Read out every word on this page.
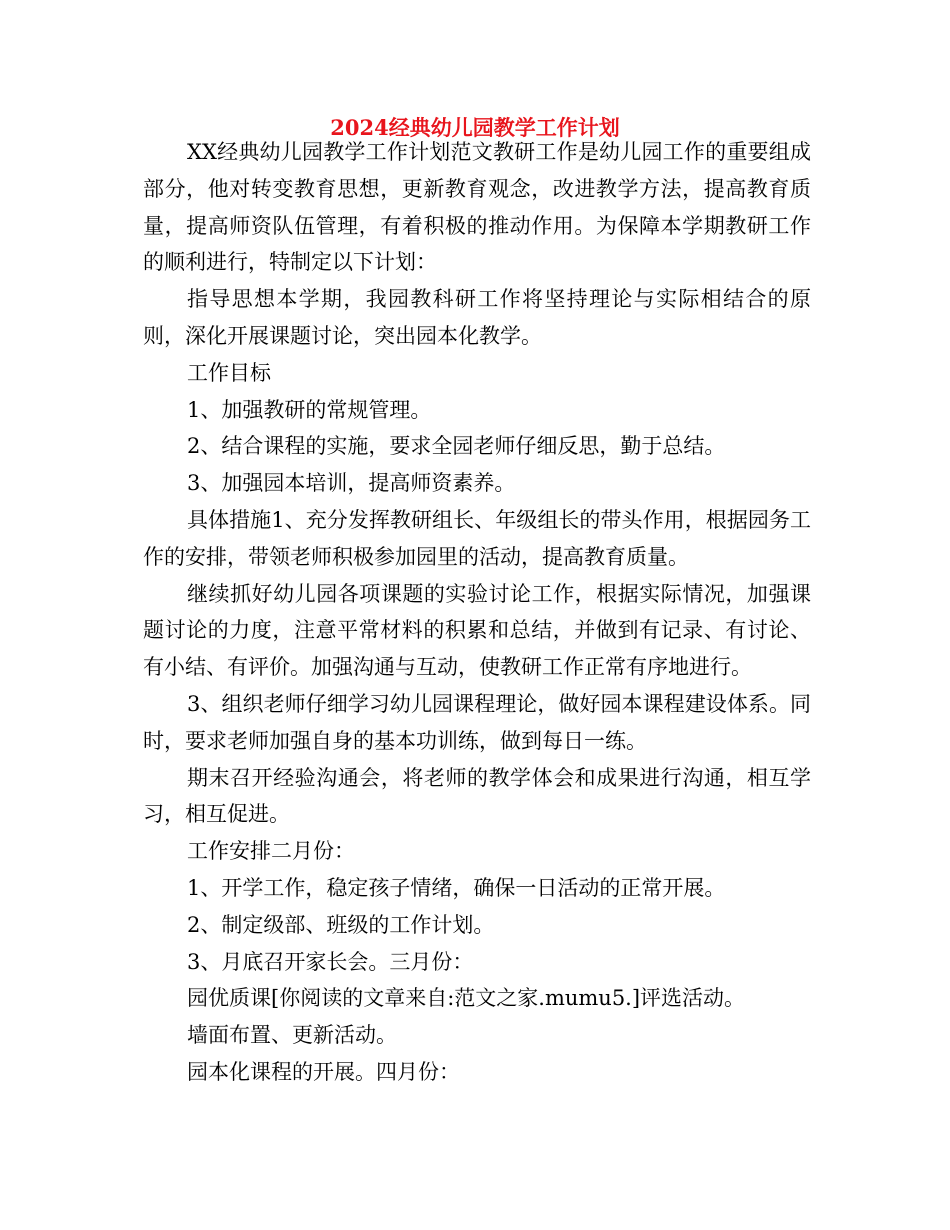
2024经典幼儿园教学工作计划

XX经典幼儿园教学工作计划范文教研工作是幼儿园工作的重要组成部分，他对转变教育思想，更新教育观念，改进教学方法，提高教育质量，提高师资队伍管理，有着积极的推动作用。为保障本学期教研工作的顺利进行，特制定以下计划：

指导思想本学期，我园教科研工作将坚持理论与实际相结合的原则，深化开展课题讨论，突出园本化教学。

工作目标

1、加强教研的常规管理。

2、结合课程的实施，要求全园老师仔细反思，勤于总结。

3、加强园本培训，提高师资素养。

具体措施1、充分发挥教研组长、年级组长的带头作用，根据园务工作的安排，带领老师积极参加园里的活动，提高教育质量。

继续抓好幼儿园各项课题的实验讨论工作，根据实际情况，加强课题讨论的力度，注意平常材料的积累和总结，并做到有记录、有讨论、有小结、有评价。加强沟通与互动，使教研工作正常有序地进行。

3、组织老师仔细学习幼儿园课程理论，做好园本课程建设体系。同时，要求老师加强自身的基本功训练，做到每日一练。

期末召开经验沟通会，将老师的教学体会和成果进行沟通，相互学习，相互促进。

工作安排二月份：

1、开学工作，稳定孩子情绪，确保一日活动的正常开展。

2、制定级部、班级的工作计划。

3、月底召开家长会。三月份：

园优质课[你阅读的文章来自:范文之家.mumu5.]评选活动。

墙面布置、更新活动。

园本化课程的开展。四月份：
